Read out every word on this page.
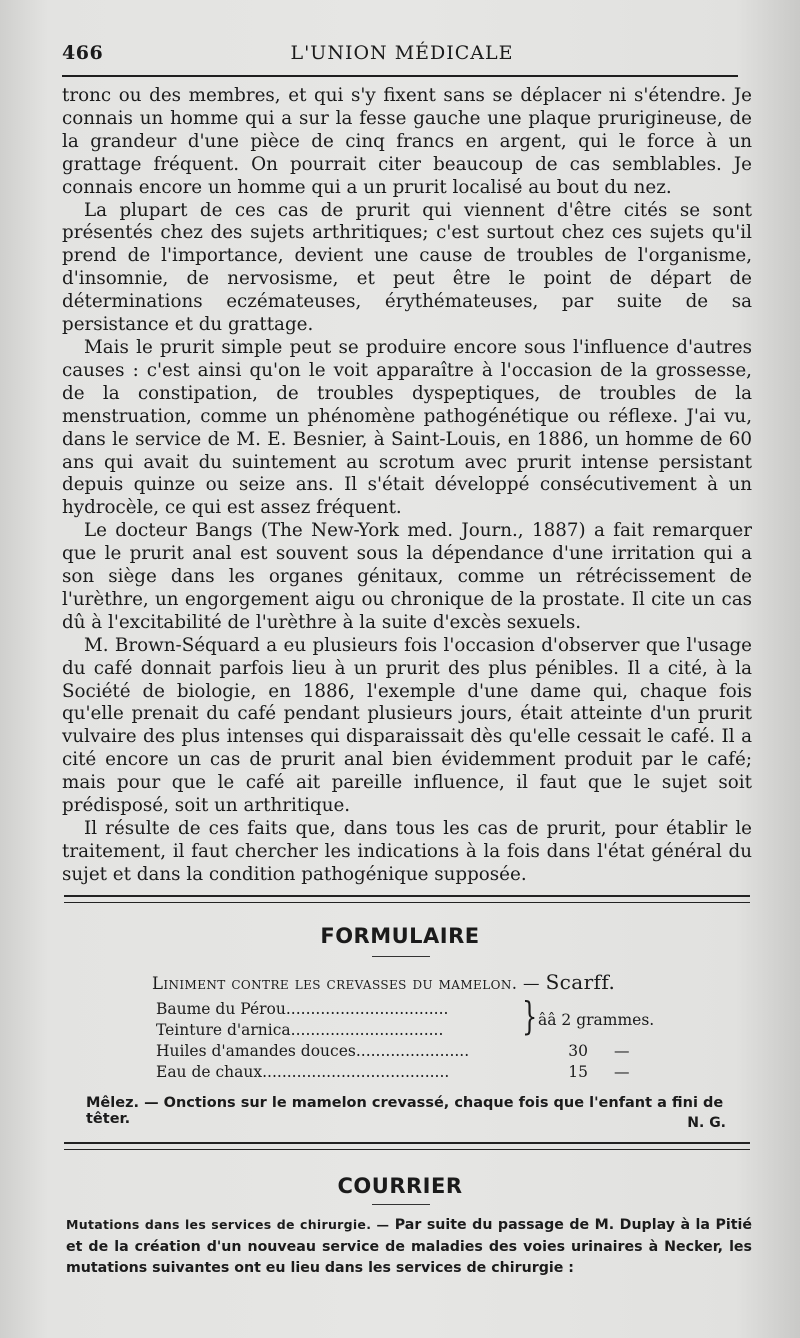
466	L'UNION MÉDICALE

tronc ou des membres, et qui s'y fixent sans se déplacer ni s'étendre. Je connais un homme qui a sur la fesse gauche une plaque prurigineuse, de la grandeur d'une pièce de cinq francs en argent, qui le force à un grattage fréquent. On pourrait citer beaucoup de cas semblables. Je connais encore un homme qui a un prurit localisé au bout du nez.

La plupart de ces cas de prurit qui viennent d'être cités se sont présentés chez des sujets arthritiques; c'est surtout chez ces sujets qu'il prend de l'importance, devient une cause de troubles de l'organisme, d'insomnie, de nervosisme, et peut être le point de départ de déterminations eczémateuses, érythémateuses, par suite de sa persistance et du grattage.

Mais le prurit simple peut se produire encore sous l'influence d'autres causes : c'est ainsi qu'on le voit apparaître à l'occasion de la grossesse, de la constipation, de troubles dyspeptiques, de troubles de la menstruation, comme un phénomène pathogénétique ou réflexe. J'ai vu, dans le service de M. E. Besnier, à Saint-Louis, en 1886, un homme de 60 ans qui avait du suintement au scrotum avec prurit intense persistant depuis quinze ou seize ans. Il s'était développé consécutivement à un hydrocèle, ce qui est assez fréquent.

Le docteur Bangs (The New-York med. Journ., 1887) a fait remarquer que le prurit anal est souvent sous la dépendance d'une irritation qui a son siège dans les organes génitaux, comme un rétrécissement de l'urèthre, un engorgement aigu ou chronique de la prostate. Il cite un cas dû à l'excitabilité de l'urèthre à la suite d'excès sexuels.

M. Brown-Séquard a eu plusieurs fois l'occasion d'observer que l'usage du café donnait parfois lieu à un prurit des plus pénibles. Il a cité, à la Société de biologie, en 1886, l'exemple d'une dame qui, chaque fois qu'elle prenait du café pendant plusieurs jours, était atteinte d'un prurit vulvaire des plus intenses qui disparaissait dès qu'elle cessait le café. Il a cité encore un cas de prurit anal bien évidemment produit par le café; mais pour que le café ait pareille influence, il faut que le sujet soit prédisposé, soit un arthritique.

Il résulte de ces faits que, dans tous les cas de prurit, pour établir le traitement, il faut chercher les indications à la fois dans l'état général du sujet et dans la condition pathogénique supposée.

FORMULAIRE
Liniment contre les crevasses du mamelon. — Scarff.
Baume du Pérou.................................
Teinture d'arnica...............................
Huiles d'amandes douces.......................	30 —
Eau de chaux......................................	15 —
} ââ 2 grammes.
Mêlez. — Onctions sur le mamelon crevassé, chaque fois que l'enfant a fini de têter.	N. G.
COURRIER
Mutations dans les services de chirurgie. — Par suite du passage de M. Duplay à la Pitié et de la création d'un nouveau service de maladies des voies urinaires à Necker, les mutations suivantes ont eu lieu dans les services de chirurgie :
